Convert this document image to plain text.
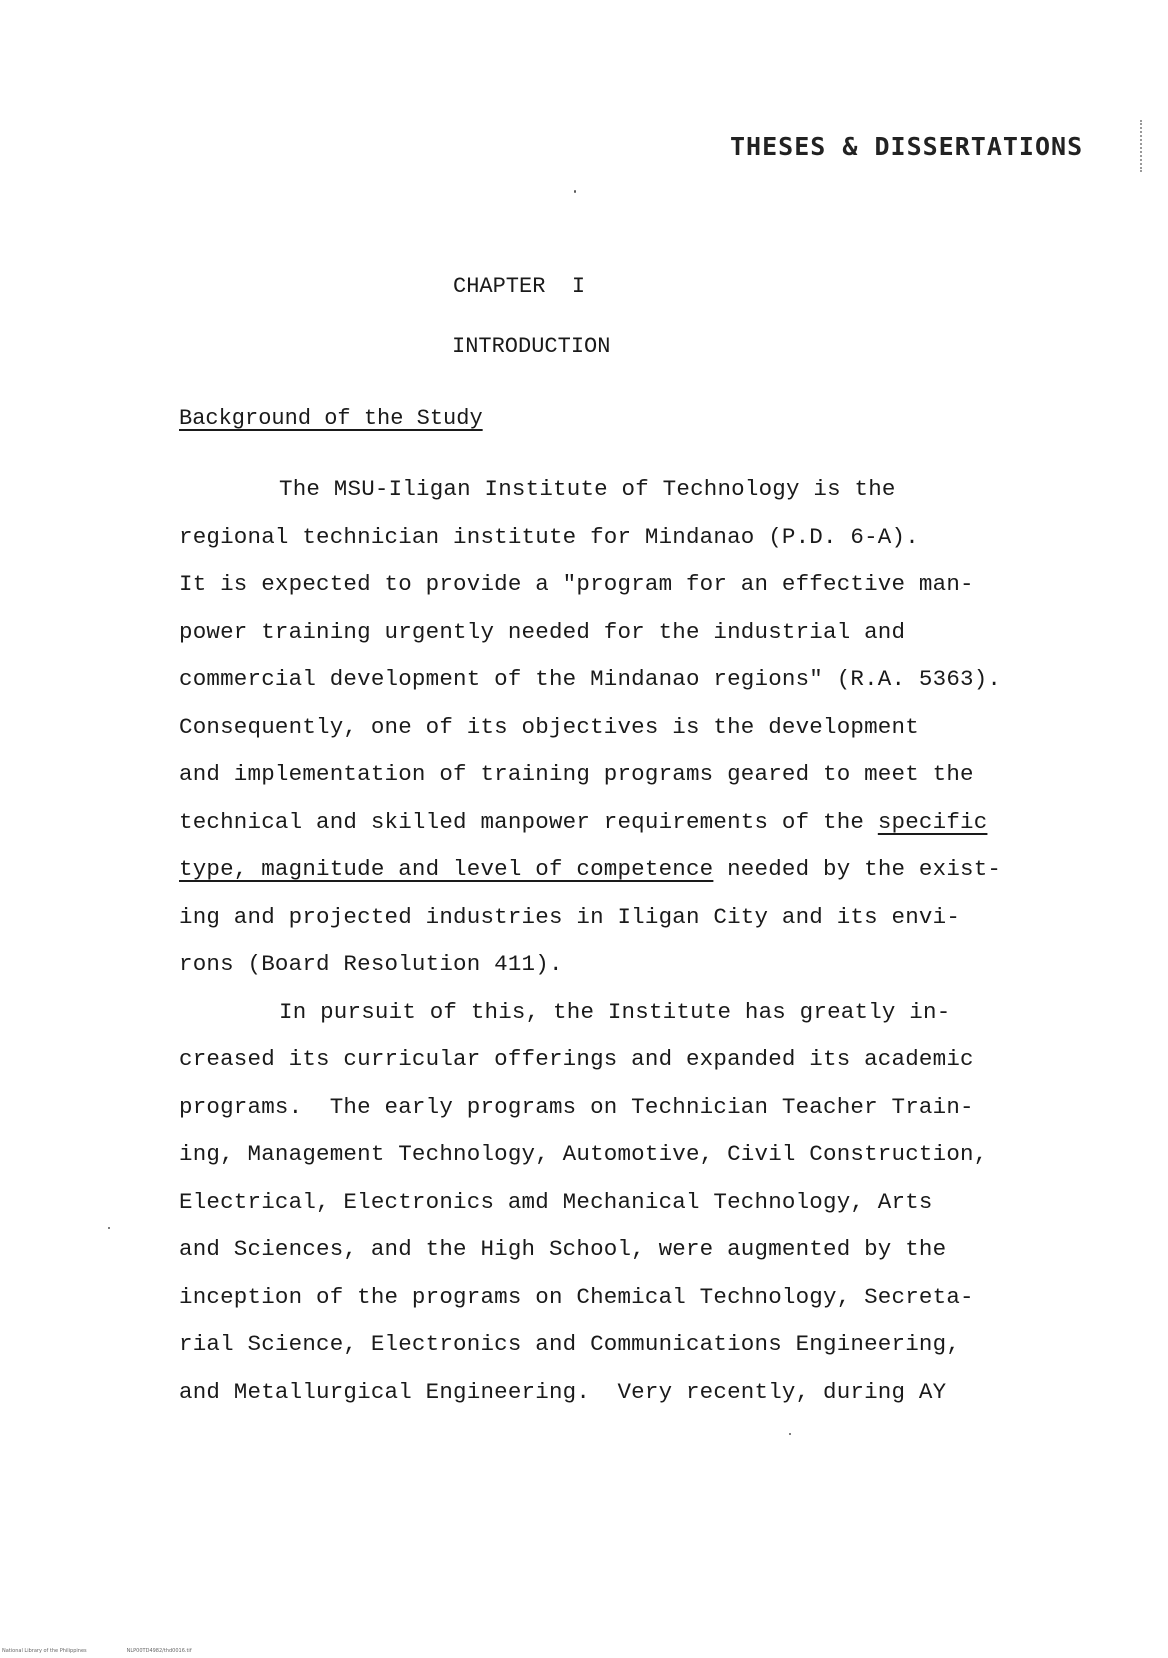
THESES & DISSERTATIONS
CHAPTER  I
INTRODUCTION
Background of the Study
The MSU-Iligan Institute of Technology is the
regional technician institute for Mindanao (P.D. 6-A).
It is expected to provide a "program for an effective man-
power training urgently needed for the industrial and
commercial development of the Mindanao regions" (R.A. 5363).
Consequently, one of its objectives is the development
and implementation of training programs geared to meet the
technical and skilled manpower requirements of the specific
type, magnitude and level of competence needed by the exist-
ing and projected industries in Iligan City and its envi-
rons (Board Resolution 411).
In pursuit of this, the Institute has greatly in-
creased its curricular offerings and expanded its academic
programs.  The early programs on Technician Teacher Train-
ing, Management Technology, Automotive, Civil Construction,
Electrical, Electronics amd Mechanical Technology, Arts
and Sciences, and the High School, were augmented by the
inception of the programs on Chemical Technology, Secreta-
rial Science, Electronics and Communications Engineering,
and Metallurgical Engineering.  Very recently, during AY
National Library of the Philippines	NLP00TD4982/thd0016.tif
